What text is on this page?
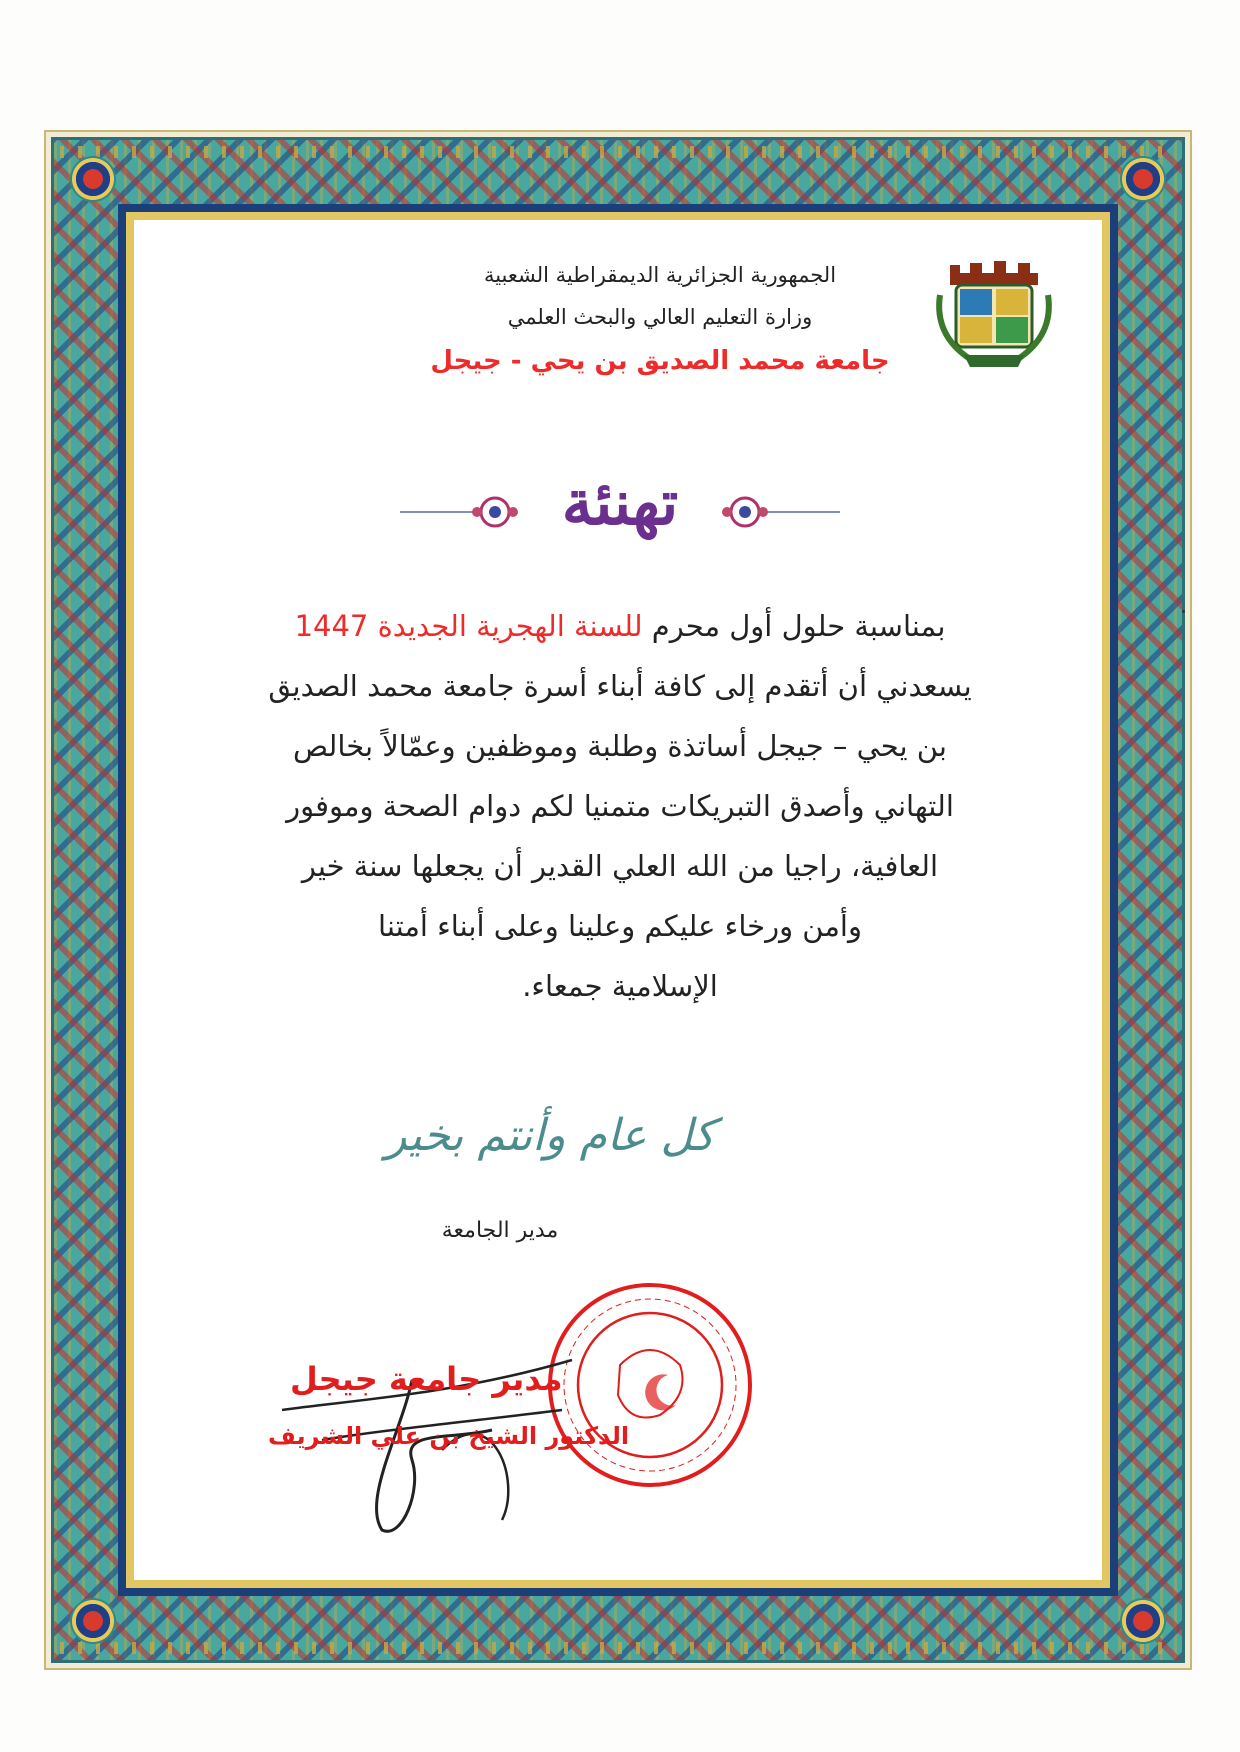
الجمهورية الجزائرية الديمقراطية الشعبية
وزارة التعليم العالي والبحث العلمي
جامعة محمد الصديق بن يحي - جيجل
تهنئة
بمناسبة حلول أول محرم للسنة الهجرية الجديدة 1447
يسعدني أن أتقدم إلى كافة أبناء أسرة جامعة محمد الصديق
بن يحي – جيجل أساتذة وطلبة وموظفين وعمّالاً بخالص
التهاني وأصدق التبريكات متمنيا لكم دوام الصحة وموفور
العافية، راجيا من الله العلي القدير أن يجعلها سنة خير
وأمن ورخاء عليكم وعلينا وعلى أبناء أمتنا
الإسلامية جمعاء.
كل عام وأنتم بخير
مدير الجامعة
مدير جامعة جيجل
الدكتور الشيخ بن علي الشريف
